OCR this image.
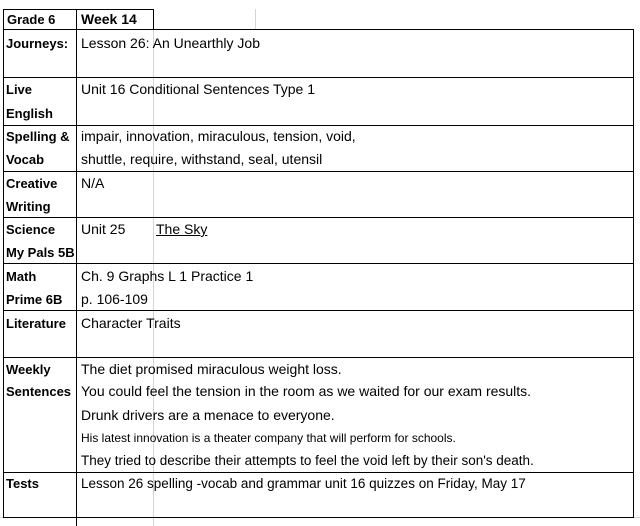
Grade 6 Week 14
Journeys: Lesson 26: An Unearthly Job
Live
English
Unit 16 Conditional Sentences Type 1
Spelling &
Vocab
impair, innovation, miraculous, tension, void,
shuttle, require, withstand, seal, utensil
Creative
Writing
N/A
Science
My Pals 5B
Unit 25 The Sky
Math
Prime 6B
Ch. 9 Graphs L 1 Practice 1
p. 106-109
Literature Character Traits
Weekly
Sentences
The diet promised miraculous weight loss.
You could feel the tension in the room as we waited for our exam results.
Drunk drivers are a menace to everyone.
His latest innovation is a theater company that will perform for schools.
They tried to describe their attempts to feel the void left by their son's death.
Tests	Lesson 26 spelling -vocab and grammar unit 16 quizzes on Friday, May 17
